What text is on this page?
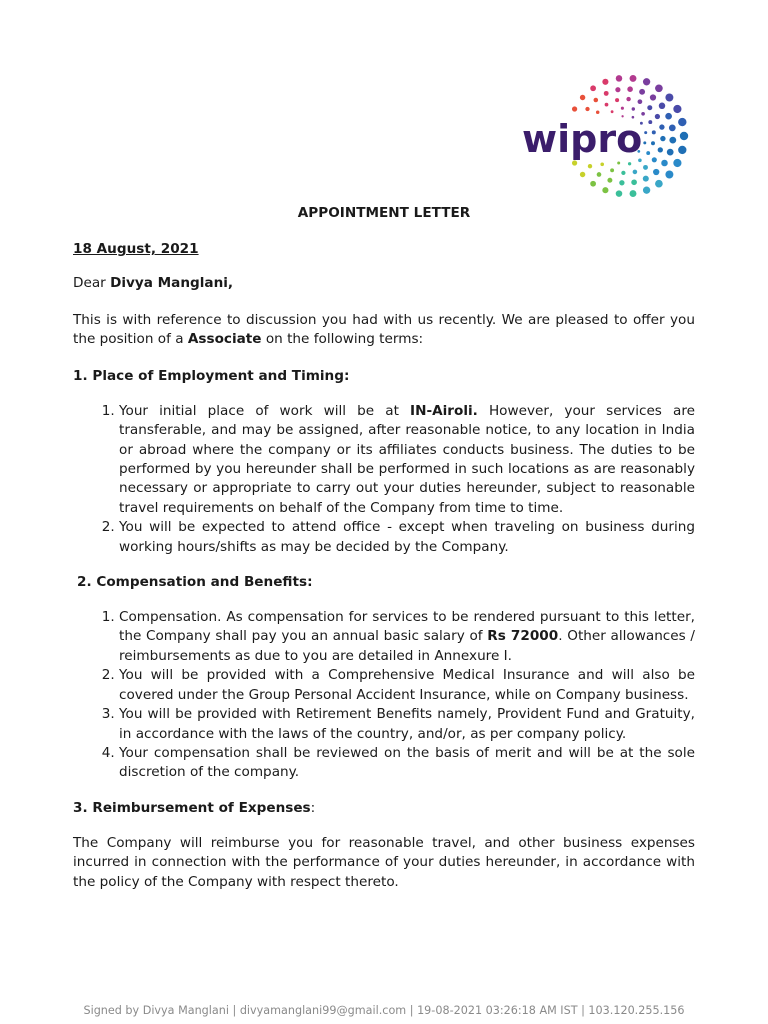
wipro
APPOINTMENT LETTER
18 August, 2021
Dear Divya Manglani,

This is with reference to discussion you had with us recently. We are pleased to offer you the position of a Associate on the following terms:

1. Place of Employment and Timing:
1. Your initial place of work will be at IN-Airoli. However, your services are transferable, and may be assigned, after reasonable notice, to any location in India or abroad where the company or its affiliates conducts business. The duties to be performed by you hereunder shall be performed in such locations as are reasonably necessary or appropriate to carry out your duties hereunder, subject to reasonable travel requirements on behalf of the Company from time to time.
2. You will be expected to attend office - except when traveling on business during working hours/shifts as may be decided by the Company.
2. Compensation and Benefits:
1. Compensation. As compensation for services to be rendered pursuant to this letter, the Company shall pay you an annual basic salary of Rs 72000. Other allowances / reimbursements as due to you are detailed in Annexure I.
2. You will be provided with a Comprehensive Medical Insurance and will also be covered under the Group Personal Accident Insurance, while on Company business.
3. You will be provided with Retirement Benefits namely, Provident Fund and Gratuity, in accordance with the laws of the country, and/or, as per company policy.
4. Your compensation shall be reviewed on the basis of merit and will be at the sole discretion of the company.
3. Reimbursement of Expenses:

The Company will reimburse you for reasonable travel, and other business expenses incurred in connection with the performance of your duties hereunder, in accordance with the policy of the Company with respect thereto.

Signed by Divya Manglani | divyamanglani99@gmail.com | 19-08-2021 03:26:18 AM IST | 103.120.255.156
